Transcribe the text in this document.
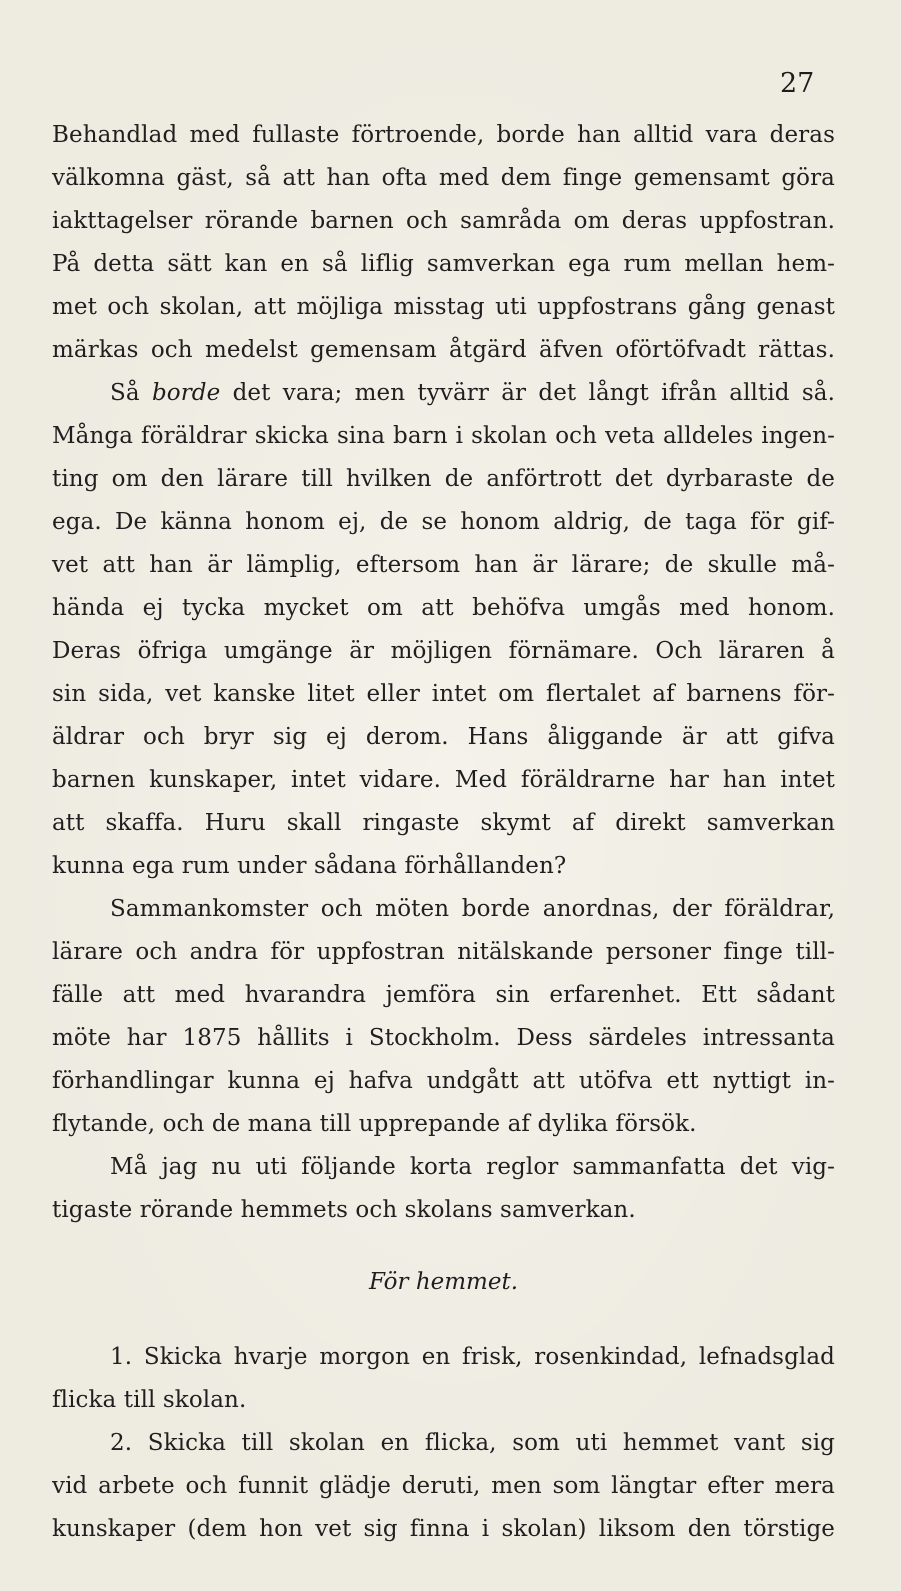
27
Behandlad med fullaste förtroende, borde han alltid vara deras
välkomna gäst, så att han ofta med dem finge gemensamt göra
iakttagelser rörande barnen och samråda om deras uppfostran.
På detta sätt kan en så liflig samverkan ega rum mellan hem-
met och skolan, att möjliga misstag uti uppfostrans gång genast
märkas och medelst gemensam åtgärd äfven oförtöfvadt rättas.
Så borde det vara; men tyvärr är det långt ifrån alltid så.
Många föräldrar skicka sina barn i skolan och veta alldeles ingen-
ting om den lärare till hvilken de anförtrott det dyrbaraste de
ega. De känna honom ej, de se honom aldrig, de taga för gif-
vet att han är lämplig, eftersom han är lärare; de skulle må-
hända ej tycka mycket om att behöfva umgås med honom.
Deras öfriga umgänge är möjligen förnämare. Och läraren å
sin sida, vet kanske litet eller intet om flertalet af barnens för-
äldrar och bryr sig ej derom. Hans åliggande är att gifva
barnen kunskaper, intet vidare. Med föräldrarne har han intet
att skaffa. Huru skall ringaste skymt af direkt samverkan
kunna ega rum under sådana förhållanden?
Sammankomster och möten borde anordnas, der föräldrar,
lärare och andra för uppfostran nitälskande personer finge till-
fälle att med hvarandra jemföra sin erfarenhet. Ett sådant
möte har 1875 hållits i Stockholm. Dess särdeles intressanta
förhandlingar kunna ej hafva undgått att utöfva ett nyttigt in-
flytande, och de mana till upprepande af dylika försök.
Må jag nu uti följande korta reglor sammanfatta det vig-
tigaste rörande hemmets och skolans samverkan.
För hemmet.
1. Skicka hvarje morgon en frisk, rosenkindad, lefnadsglad
flicka till skolan.
2. Skicka till skolan en flicka, som uti hemmet vant sig
vid arbete och funnit glädje deruti, men som längtar efter mera
kunskaper (dem hon vet sig finna i skolan) liksom den törstige
